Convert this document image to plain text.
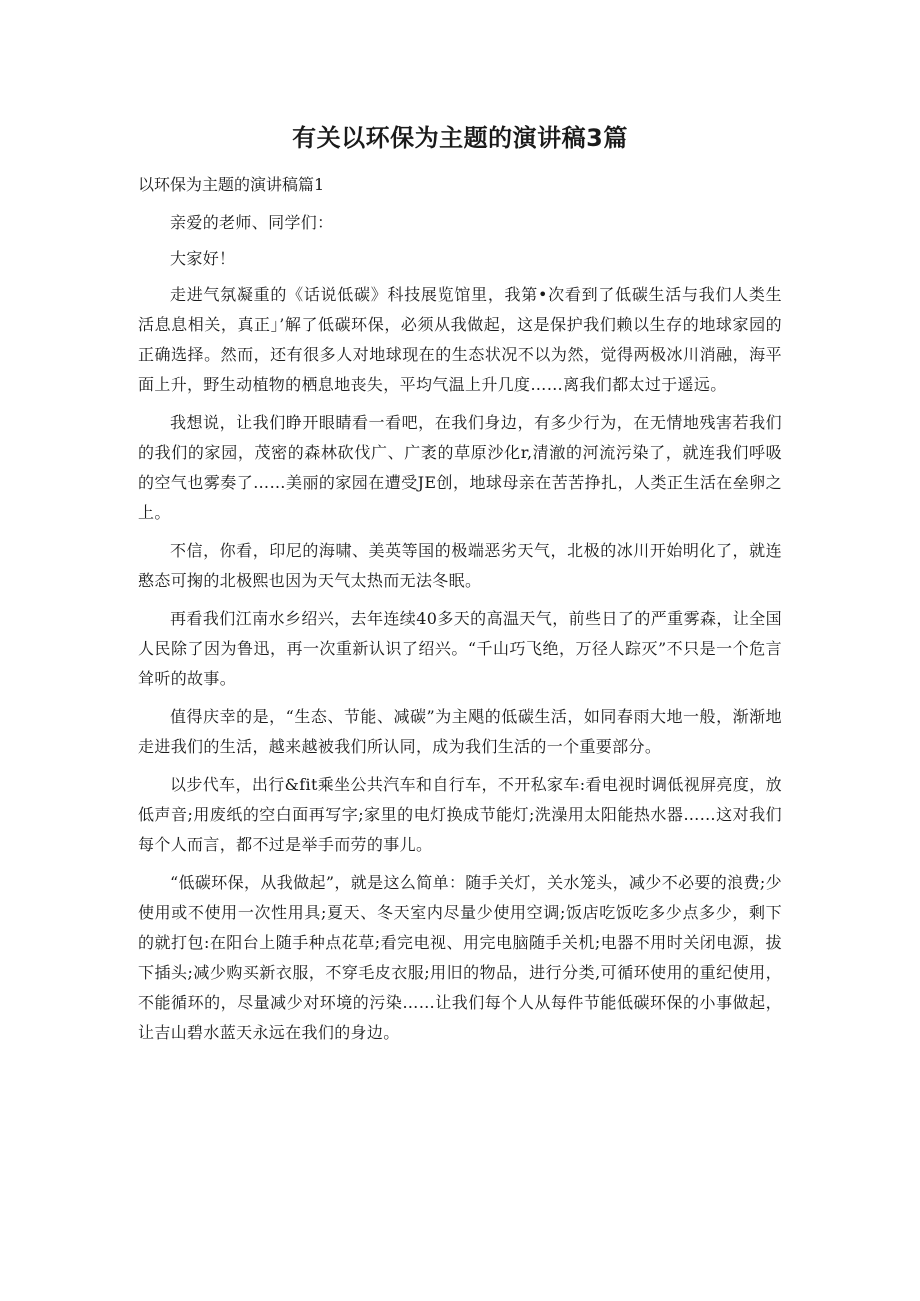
有关以环保为主题的演讲稿3篇

以环保为主题的演讲稿篇1

亲爱的老师、同学们：

大家好！

走进气氛凝重的《话说低碳》科技展览馆里，我第•次看到了低碳生活与我们人类生活息息相关，真正」’解了低碳环保，必须从我做起，这是保护我们赖以生存的地球家园的正确选择。然而，还有很多人对地球现在的生态状况不以为然，觉得两极冰川消融，海平面上升，野生动植物的栖息地丧失，平均气温上升几度……离我们都太过于遥远。

我想说，让我们睁开眼睛看一看吧，在我们身边，有多少行为，在无情地残害若我们的我们的家园，茂密的森林砍伐广、广袤的草原沙化r,清澈的河流污染了，就连我们呼吸的空气也雾奏了……美丽的家园在遭受JE创，地球母亲在苦苦挣扎，人类正生活在垒卵之上。

不信，你看，印尼的海啸、美英等国的极端恶劣天气，北极的冰川开始明化了，就连憨态可掬的北极熙也因为天气太热而无法冬眠。

再看我们江南水乡绍兴，去年连续40多天的高温天气，前些日了的严重雾森，让全国人民除了因为鲁迅，再一次重新认识了绍兴。“千山巧飞绝，万径人踪灭”不只是一个危言耸听的故事。

值得庆幸的是，“生态、节能、减碳”为主飓的低碳生活，如同春雨大地一般，渐渐地走进我们的生活，越来越被我们所认同，成为我们生活的一个重要部分。

以步代车，出行&fit乘坐公共汽车和自行车，不开私家车:看电视时调低视屏亮度，放低声音;用废纸的空白面再写字;家里的电灯换成节能灯;洗澡用太阳能热水器……这对我们每个人而言，都不过是举手而劳的事儿。

“低碳环保，从我做起”，就是这么简单：随手关灯，关水笼头，减少不必要的浪费;少使用或不使用一次性用具;夏天、冬天室内尽量少使用空调;饭店吃饭吃多少点多少，剩下的就打包:在阳台上随手种点花草;看完电视、用完电脑随手关机;电器不用时关闭电源，拔下插头;减少购买新衣服，不穿毛皮衣服;用旧的物品，进行分类,可循环使用的重纪使用，不能循环的，尽量减少对环境的污染……让我们每个人从每件节能低碳环保的小事做起，让吉山碧水蓝天永远在我们的身边。
